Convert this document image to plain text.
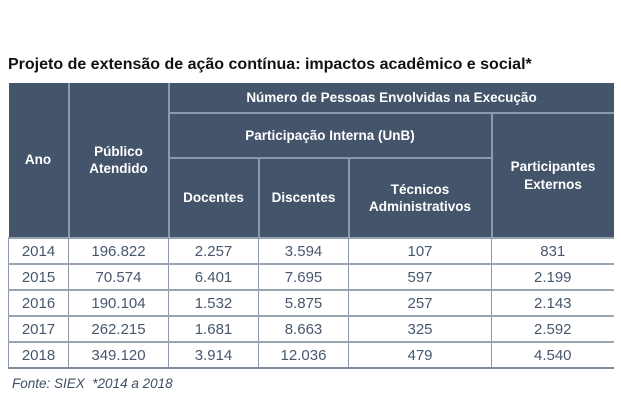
Projeto de extensão de ação contínua: impactos acadêmico e social*
Ano	Público Atendido	Número de Pessoas Envolvidas na Execução			
		Participação Interna (UnB)			Participantes Externos
		Docentes	Discentes	Técnicos Administrativos	
2014	196.822	2.257	3.594	107	831
2015	70.574	6.401	7.695	597	2.199
2016	190.104	1.532	5.875	257	2.143
2017	262.215	1.681	8.663	325	2.592
2018	349.120	3.914	12.036	479	4.540
Fonte: SIEX  *2014 a 2018
